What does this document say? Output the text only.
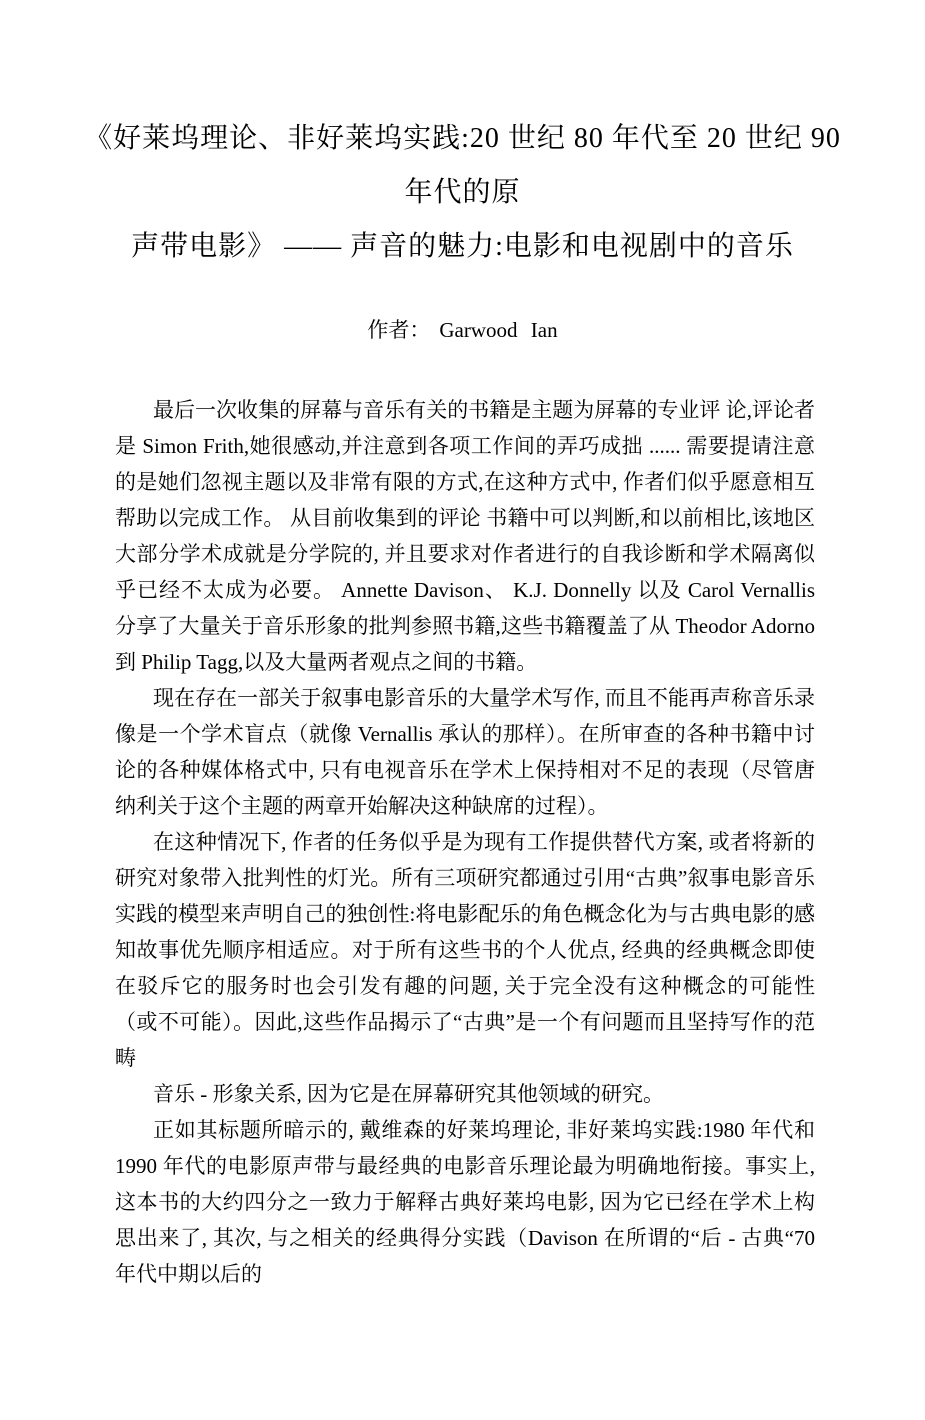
《好莱坞理论、非好莱坞实践:20 世纪 80 年代至 20 世纪 90 年代的原
声带电影》 —— 声音的魅力:电影和电视剧中的音乐
作者： Garwood Ian

最后一次收集的屏幕与音乐有关的书籍是主题为屏幕的专业评 论,评论者是 Simon Frith,她很感动,并注意到各项工作间的弄巧成拙 ...... 需要提请注意的是她们忽视主题以及非常有限的方式,在这种方式中, 作者们似乎愿意相互帮助以完成工作。 从目前收集到的评论 书籍中可以判断,和以前相比,该地区大部分学术成就是分学院的, 并且要求对作者进行的自我诊断和学术隔离似乎已经不太成为必要。 Annette Davison、 K.J. Donnelly 以及 Carol Vernallis 分享了大量关于音乐形象的批判参照书籍,这些书籍覆盖了从 Theodor Adorno 到 Philip Tagg,以及大量两者观点之间的书籍。

现在存在一部关于叙事电影音乐的大量学术写作, 而且不能再声称音乐录像是一个学术盲点（就像 Vernallis 承认的那样）。在所审查的各种书籍中讨论的各种媒体格式中, 只有电视音乐在学术上保持相对不足的表现（尽管唐纳利关于这个主题的两章开始解决这种缺席的过程）。

在这种情况下, 作者的任务似乎是为现有工作提供替代方案, 或者将新的研究对象带入批判性的灯光。所有三项研究都通过引用“古典”叙事电影音乐实践的模型来声明自己的独创性:将电影配乐的角色概念化为与古典电影的感知故事优先顺序相适应。对于所有这些书的个人优点, 经典的经典概念即使在驳斥它的服务时也会引发有趣的问题, 关于完全没有这种概念的可能性（或不可能）。因此,这些作品揭示了“古典”是一个有问题而且坚持写作的范畴

音乐 - 形象关系, 因为它是在屏幕研究其他领域的研究。

正如其标题所暗示的, 戴维森的好莱坞理论, 非好莱坞实践:1980 年代和 1990 年代的电影原声带与最经典的电影音乐理论最为明确地衔接。事实上, 这本书的大约四分之一致力于解释古典好莱坞电影, 因为它已经在学术上构思出来了, 其次, 与之相关的经典得分实践（Davison 在所谓的“后 - 古典“70 年代中期以后的
